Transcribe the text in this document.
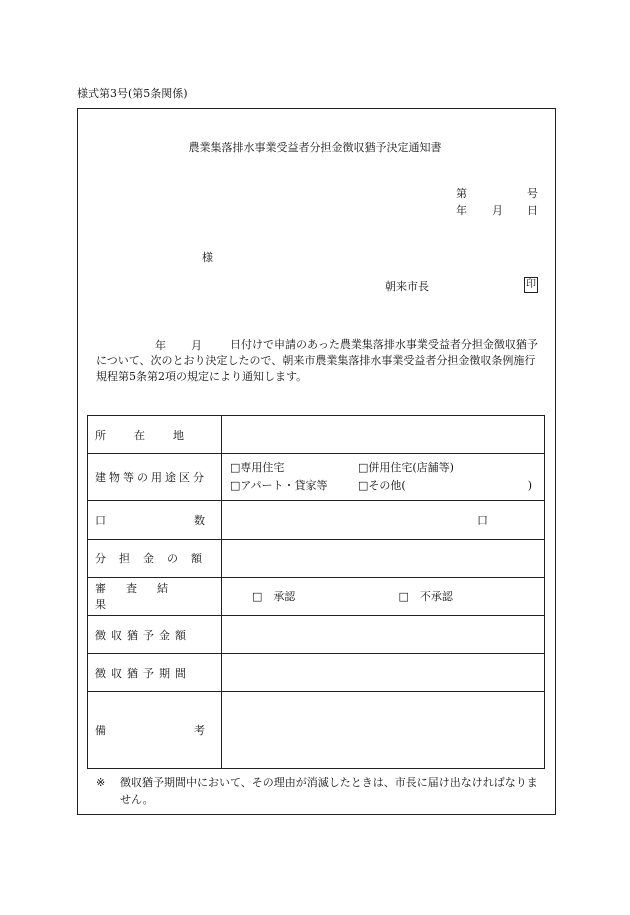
様式第3号(第5条関係)
農業集落排水事業受益者分担金徴収猶予決定通知書
第	号
年 月 日
様
朝来市長	印
年 月	日付けで申請のあった農業集落排水事業受益者分担金徴収猶予について、次のとおり決定したので、朝来市農業集落排水事業受益者分担金徴収条例施行規程第5条第2項の規定により通知します。
所在地	

建物等の用途区分	□専用住宅 □併用住宅(店舗等)
□アパート・貸家等 □その他( )

口数	口
分担金の額	
審査結果	□　承認 □　不承認
徴収猶予金額	
徴収猶予期間	

備考	

※ 徴収猶予期間中において、その理由が消滅したときは、市長に届け出なければなりません。
